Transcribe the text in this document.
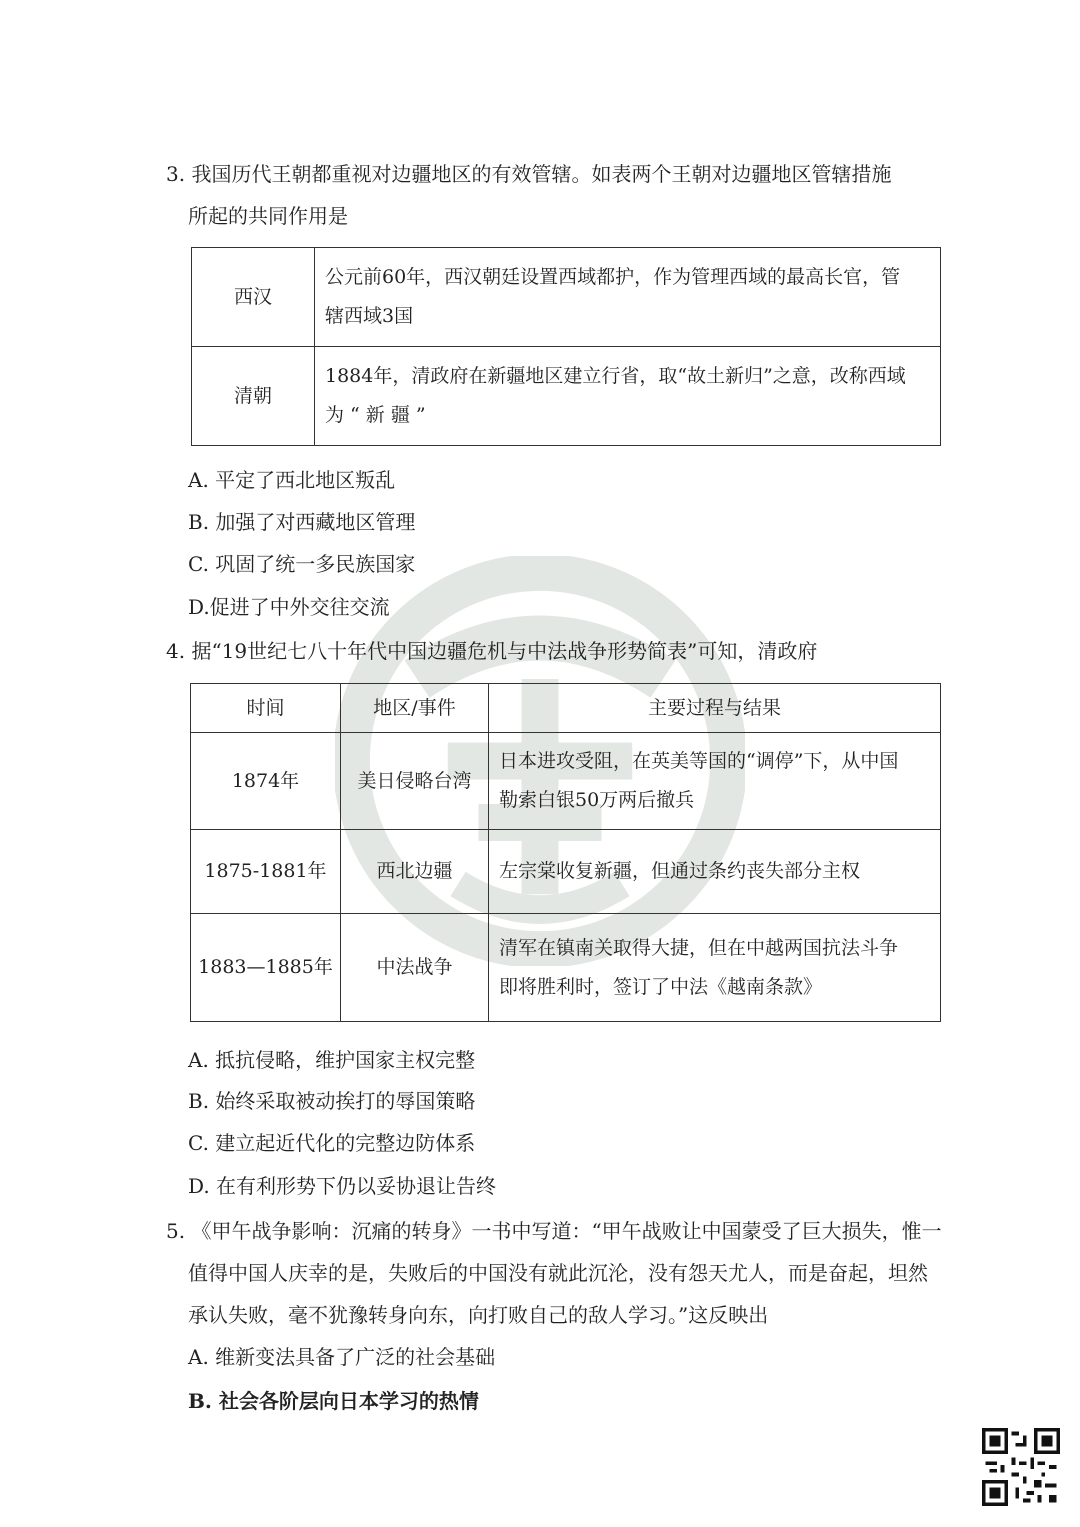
3. 我国历代王朝都重视对边疆地区的有效管辖。如表两个王朝对边疆地区管辖措施
所起的共同作用是
西汉	公元前60年，西汉朝廷设置西域都护，作为管理西域的最高长官，管
辖西域3国

清朝	1884年，清政府在新疆地区建立行省，取“故土新归”之意，改称西域
为 “ 新 疆 ”
A. 平定了西北地区叛乱
B. 加强了对西藏地区管理
C. 巩固了统一多民族国家
D.促进了中外交往交流
4. 据“19世纪七八十年代中国边疆危机与中法战争形势简表”可知，清政府
时间	地区/事件	主要过程与结果
1874年	美日侵略台湾	日本进攻受阻，在英美等国的“调停”下，从中国
勒索白银50万两后撤兵

1875-1881年	西北边疆	左宗棠收复新疆，但通过条约丧失部分主权

1883—1885年	中法战争	清军在镇南关取得大捷，但在中越两国抗法斗争
即将胜利时，签订了中法《越南条款》
A. 抵抗侵略，维护国家主权完整
B. 始终采取被动挨打的辱国策略
C. 建立起近代化的完整边防体系
D. 在有利形势下仍以妥协退让告终
5. 《甲午战争影响：沉痛的转身》一书中写道：“甲午战败让中国蒙受了巨大损失，惟一
值得中国人庆幸的是，失败后的中国没有就此沉沦，没有怨天尤人，而是奋起，坦然
承认失败，毫不犹豫转身向东，向打败自己的敌人学习。”这反映出
A. 维新变法具备了广泛的社会基础
B. 社会各阶层向日本学习的热情
